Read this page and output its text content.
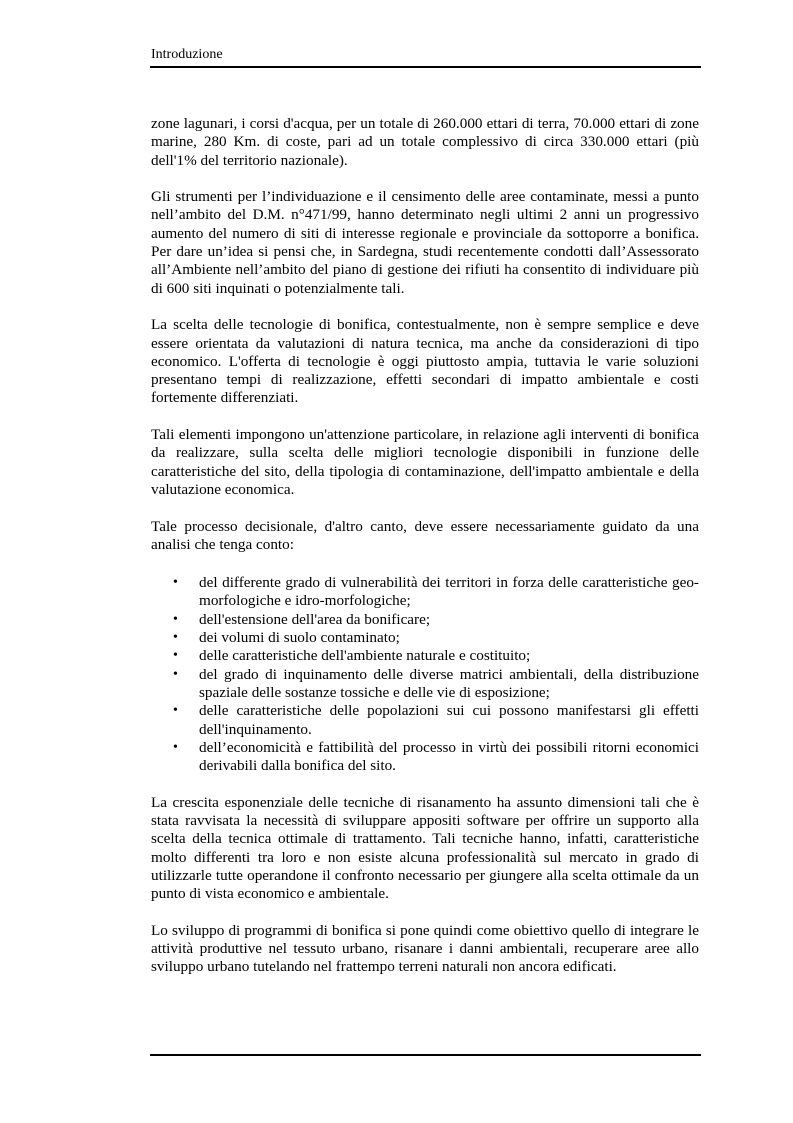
Introduzione

zone lagunari, i corsi d'acqua, per un totale di 260.000 ettari di terra, 70.000 ettari di zone marine, 280 Km. di coste, pari ad un totale complessivo di circa 330.000 ettari (più dell'1% del territorio nazionale).

Gli strumenti per l’individuazione e il censimento delle aree contaminate, messi a punto nell’ambito del D.M. n°471/99, hanno determinato negli ultimi 2 anni un progressivo aumento del numero di siti di interesse regionale e provinciale da sottoporre a bonifica. Per dare un’idea si pensi che, in Sardegna, studi recentemente condotti dall’Assessorato all’Ambiente nell’ambito del piano di gestione dei rifiuti ha consentito di individuare più di 600 siti inquinati o potenzialmente tali.

La scelta delle tecnologie di bonifica, contestualmente, non è sempre semplice e deve essere orientata da valutazioni di natura tecnica, ma anche da considerazioni di tipo economico. L'offerta di tecnologie è oggi piuttosto ampia, tuttavia le varie soluzioni presentano tempi di realizzazione, effetti secondari di impatto ambientale e costi fortemente differenziati.

Tali elementi impongono un'attenzione particolare, in relazione agli interventi di bonifica da realizzare, sulla scelta delle migliori tecnologie disponibili in funzione delle caratteristiche del sito, della tipologia di contaminazione, dell'impatto ambientale e della valutazione economica.

Tale processo decisionale, d'altro canto, deve essere necessariamente guidato da una analisi che tenga conto:

• del differente grado di vulnerabilità dei territori in forza delle caratteristiche geo-morfologiche e idro-morfologiche;
• dell'estensione dell'area da bonificare;
• dei volumi di suolo contaminato;
• delle caratteristiche dell'ambiente naturale e costituito;
• del grado di inquinamento delle diverse matrici ambientali, della distribuzione spaziale delle sostanze tossiche e delle vie di esposizione;
• delle caratteristiche delle popolazioni sui cui possono manifestarsi gli effetti dell'inquinamento.
• dell’economicità e fattibilità del processo in virtù dei possibili ritorni economici derivabili dalla bonifica del sito.

La crescita esponenziale delle tecniche di risanamento ha assunto dimensioni tali che è stata ravvisata la necessità di sviluppare appositi software per offrire un supporto alla scelta della tecnica ottimale di trattamento. Tali tecniche hanno, infatti, caratteristiche molto differenti tra loro e non esiste alcuna professionalità sul mercato in grado di utilizzarle tutte operandone il confronto necessario per giungere alla scelta ottimale da un punto di vista economico e ambientale.

Lo sviluppo di programmi di bonifica si pone quindi come obiettivo quello di integrare le attività produttive nel tessuto urbano, risanare i danni ambientali, recuperare aree allo sviluppo urbano tutelando nel frattempo terreni naturali non ancora edificati.
